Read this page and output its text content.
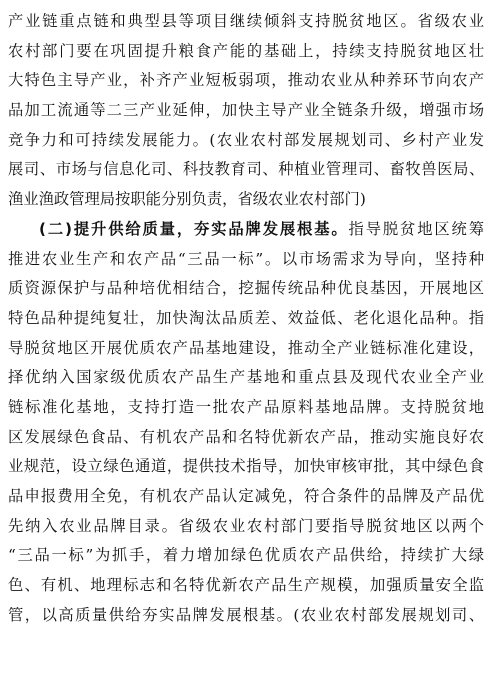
产业链重点链和典型县等项目继续倾斜支持脱贫地区。省级农业
农村部门要在巩固提升粮食产能的基础上，持续支持脱贫地区壮
大特色主导产业，补齐产业短板弱项，推动农业从种养环节向农产
品加工流通等二三产业延伸，加快主导产业全链条升级，增强市场
竞争力和可持续发展能力。(农业农村部发展规划司、乡村产业发
展司、市场与信息化司、科技教育司、种植业管理司、畜牧兽医局、
渔业渔政管理局按职能分别负责，省级农业农村部门)
(二)提升供给质量，夯实品牌发展根基。指导脱贫地区统筹
推进农业生产和农产品“三品一标”。以市场需求为导向，坚持种
质资源保护与品种培优相结合，挖掘传统品种优良基因，开展地区
特色品种提纯复壮，加快淘汰品质差、效益低、老化退化品种。指
导脱贫地区开展优质农产品基地建设，推动全产业链标准化建设，
择优纳入国家级优质农产品生产基地和重点县及现代农业全产业
链标准化基地，支持打造一批农产品原料基地品牌。支持脱贫地
区发展绿色食品、有机农产品和名特优新农产品，推动实施良好农
业规范，设立绿色通道，提供技术指导，加快审核审批，其中绿色食
品申报费用全免，有机农产品认定减免，符合条件的品牌及产品优
先纳入农业品牌目录。省级农业农村部门要指导脱贫地区以两个
“三品一标”为抓手，着力增加绿色优质农产品供给，持续扩大绿
色、有机、地理标志和名特优新农产品生产规模，加强质量安全监
管，以高质量供给夯实品牌发展根基。(农业农村部发展规划司、
